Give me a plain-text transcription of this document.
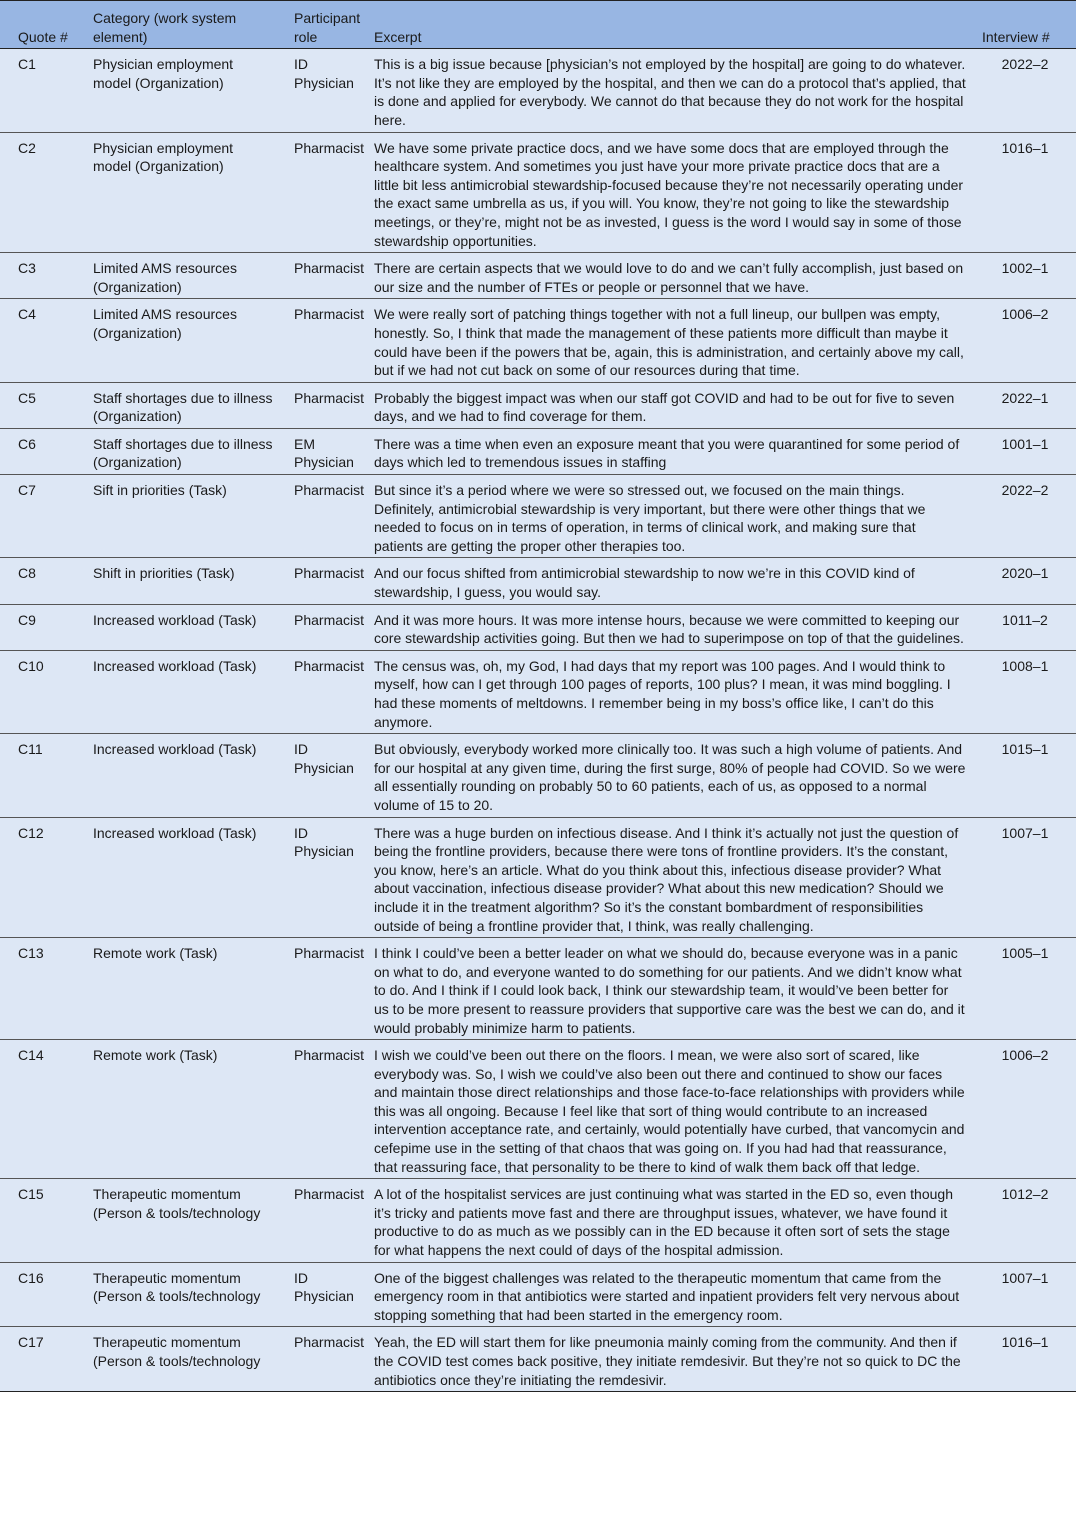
Quote #	Category (work system element)	Participant role	Excerpt	Interview #
C1	Physician employment model (Organization)	ID Physician	This is a big issue because [physician’s not employed by the hospital] are going to do whatever. It’s not like they are employed by the hospital, and then we can do a protocol that’s applied, that is done and applied for everybody. We cannot do that because they do not work for the hospital here.	2022–2
C2	Physician employment model (Organization)	Pharmacist	We have some private practice docs, and we have some docs that are employed through the healthcare system. And sometimes you just have your more private practice docs that are a little bit less antimicrobial stewardship-focused because they’re not necessarily operating under the exact same umbrella as us, if you will. You know, they’re not going to like the stewardship meetings, or they’re, might not be as invested, I guess is the word I would say in some of those stewardship opportunities.	1016–1
C3	Limited AMS resources (Organization)	Pharmacist	There are certain aspects that we would love to do and we can’t fully accomplish, just based on our size and the number of FTEs or people or personnel that we have.	1002–1
C4	Limited AMS resources (Organization)	Pharmacist	We were really sort of patching things together with not a full lineup, our bullpen was empty, honestly. So, I think that made the management of these patients more difficult than maybe it could have been if the powers that be, again, this is administration, and certainly above my call, but if we had not cut back on some of our resources during that time.	1006–2
C5	Staff shortages due to illness (Organization)	Pharmacist	Probably the biggest impact was when our staff got COVID and had to be out for five to seven days, and we had to find coverage for them.	2022–1
C6	Staff shortages due to illness (Organization)	EM Physician	There was a time when even an exposure meant that you were quarantined for some period of days which led to tremendous issues in staffing	1001–1
C7	Sift in priorities (Task)	Pharmacist	But since it’s a period where we were so stressed out, we focused on the main things. Definitely, antimicrobial stewardship is very important, but there were other things that we needed to focus on in terms of operation, in terms of clinical work, and making sure that patients are getting the proper other therapies too.	2022–2
C8	Shift in priorities (Task)	Pharmacist	And our focus shifted from antimicrobial stewardship to now we’re in this COVID kind of stewardship, I guess, you would say.	2020–1
C9	Increased workload (Task)	Pharmacist	And it was more hours. It was more intense hours, because we were committed to keeping our core stewardship activities going. But then we had to superimpose on top of that the guidelines.	1011–2
C10	Increased workload (Task)	Pharmacist	The census was, oh, my God, I had days that my report was 100 pages. And I would think to myself, how can I get through 100 pages of reports, 100 plus? I mean, it was mind boggling. I had these moments of meltdowns. I remember being in my boss’s office like, I can’t do this anymore.	1008–1
C11	Increased workload (Task)	ID Physician	But obviously, everybody worked more clinically too. It was such a high volume of patients. And for our hospital at any given time, during the first surge, 80% of people had COVID. So we were all essentially rounding on probably 50 to 60 patients, each of us, as opposed to a normal volume of 15 to 20.	1015–1
C12	Increased workload (Task)	ID Physician	There was a huge burden on infectious disease. And I think it’s actually not just the question of being the frontline providers, because there were tons of frontline providers. It’s the constant, you know, here’s an article. What do you think about this, infectious disease provider? What about vaccination, infectious disease provider? What about this new medication? Should we include it in the treatment algorithm? So it’s the constant bombardment of responsibilities outside of being a frontline provider that, I think, was really challenging.	1007–1
C13	Remote work (Task)	Pharmacist	I think I could’ve been a better leader on what we should do, because everyone was in a panic on what to do, and everyone wanted to do something for our patients. And we didn’t know what to do. And I think if I could look back, I think our stewardship team, it would’ve been better for us to be more present to reassure providers that supportive care was the best we can do, and it would probably minimize harm to patients.	1005–1
C14	Remote work (Task)	Pharmacist	I wish we could’ve been out there on the floors. I mean, we were also sort of scared, like everybody was. So, I wish we could’ve also been out there and continued to show our faces and maintain those direct relationships and those face-to-face relationships with providers while this was all ongoing. Because I feel like that sort of thing would contribute to an increased intervention acceptance rate, and certainly, would potentially have curbed, that vancomycin and cefepime use in the setting of that chaos that was going on. If you had had that reassurance, that reassuring face, that personality to be there to kind of walk them back off that ledge.	1006–2
C15	Therapeutic momentum (Person & tools/technology	Pharmacist	A lot of the hospitalist services are just continuing what was started in the ED so, even though it’s tricky and patients move fast and there are throughput issues, whatever, we have found it productive to do as much as we possibly can in the ED because it often sort of sets the stage for what happens the next could of days of the hospital admission.	1012–2
C16	Therapeutic momentum (Person & tools/technology	ID Physician	One of the biggest challenges was related to the therapeutic momentum that came from the emergency room in that antibiotics were started and inpatient providers felt very nervous about stopping something that had been started in the emergency room.	1007–1
C17	Therapeutic momentum (Person & tools/technology	Pharmacist	Yeah, the ED will start them for like pneumonia mainly coming from the community. And then if the COVID test comes back positive, they initiate remdesivir. But they’re not so quick to DC the antibiotics once they’re initiating the remdesivir.	1016–1
